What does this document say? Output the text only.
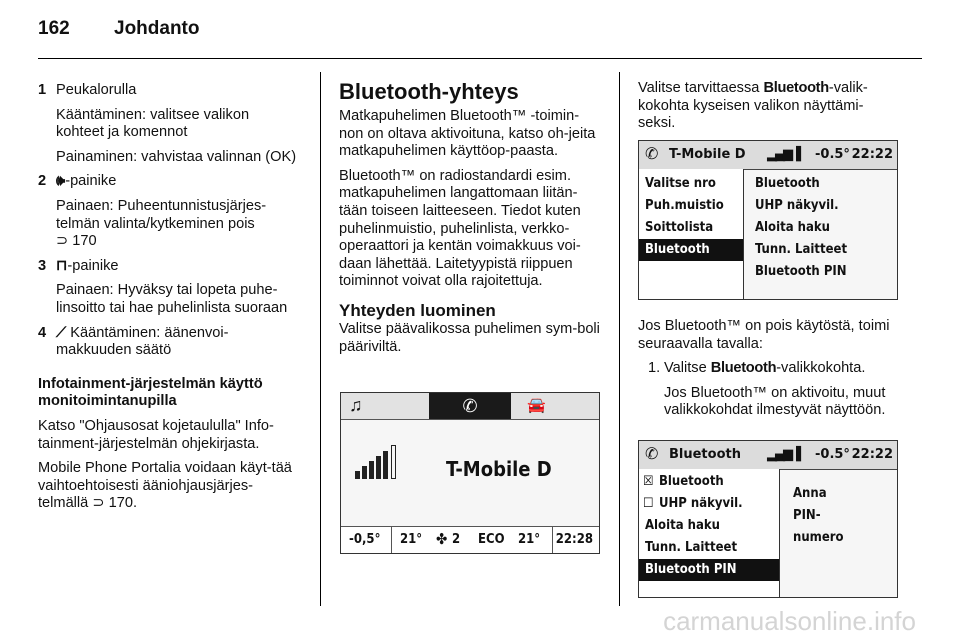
162 Johdanto
1 Peukalorulla

Kääntäminen: valitsee valikon kohteet ja komennot

Painaminen: vahvistaa valinnan (OK)

2 🕪-painike

Painaen: Puheentunnistusjärjes-telmän valinta/kytkeminen pois
⊃ 170

3 ⊓-painike

Painaen: Hyväksy tai lopeta puhe-linsoitto tai hae puhelinlista suoraan

4 ⟋ Kääntäminen: äänenvoi-makkuuden säätö

Infotainment-järjestelmän käyttö monitoimintanupilla

Katso "Ohjausosat kojetaululla" Info-tainment-järjestelmän ohjekirjasta.

Mobile Phone Portalia voidaan käyt-tää vaihtoehtoisesti ääniohjausjärjes-telmällä ⊃ 170.

Bluetooth-yhteys

Matkapuhelimen Bluetooth™ -toimin-non on oltava aktivoituna, katso oh-jeita matkapuhelimen käyttöop-paasta.

Bluetooth™ on radiostandardi esim. matkapuhelimen langattomaan liitän-tään toiseen laitteeseen. Tiedot kuten puhelinmuistio, puhelinlista, verkko-operaattori ja kentän voimakkuus voi-daan lähettää. Laitetyypistä riippuen toiminnot voivat olla rajoitettuja.

Yhteyden luominen

Valitse päävalikossa puhelimen sym-boli pääriviltä.

♫	✆	🚘
T-Mobile D
-0,5° 21° ✤ 2 ECO 21° 22:28

Valitse tarvittaessa Bluetooth-valik-kokohta kyseisen valikon näyttämi-seksi.

✆ T-Mobile D ▂▄▆▐ -0.5° 22:22
Valitse nro
Puh.muistio
Soittolista
Bluetooth
Bluetooth
UHP näkyvil.
Aloita haku
Tunn. Laitteet
Bluetooth PIN

Jos Bluetooth™ on pois käytöstä, toimi seuraavalla tavalla:

1. Valitse Bluetooth-valikkokohta.

Jos Bluetooth™ on aktivoitu, muut valikkokohdat ilmestyvät näyttöön.

✆ Bluetooth ▂▄▆▐ -0.5° 22:22
☒ Bluetooth
☐ UHP näkyvil.
Aloita haku
Tunn. Laitteet
Bluetooth PIN
Anna
PIN-
numero
carmanualsonline.info
